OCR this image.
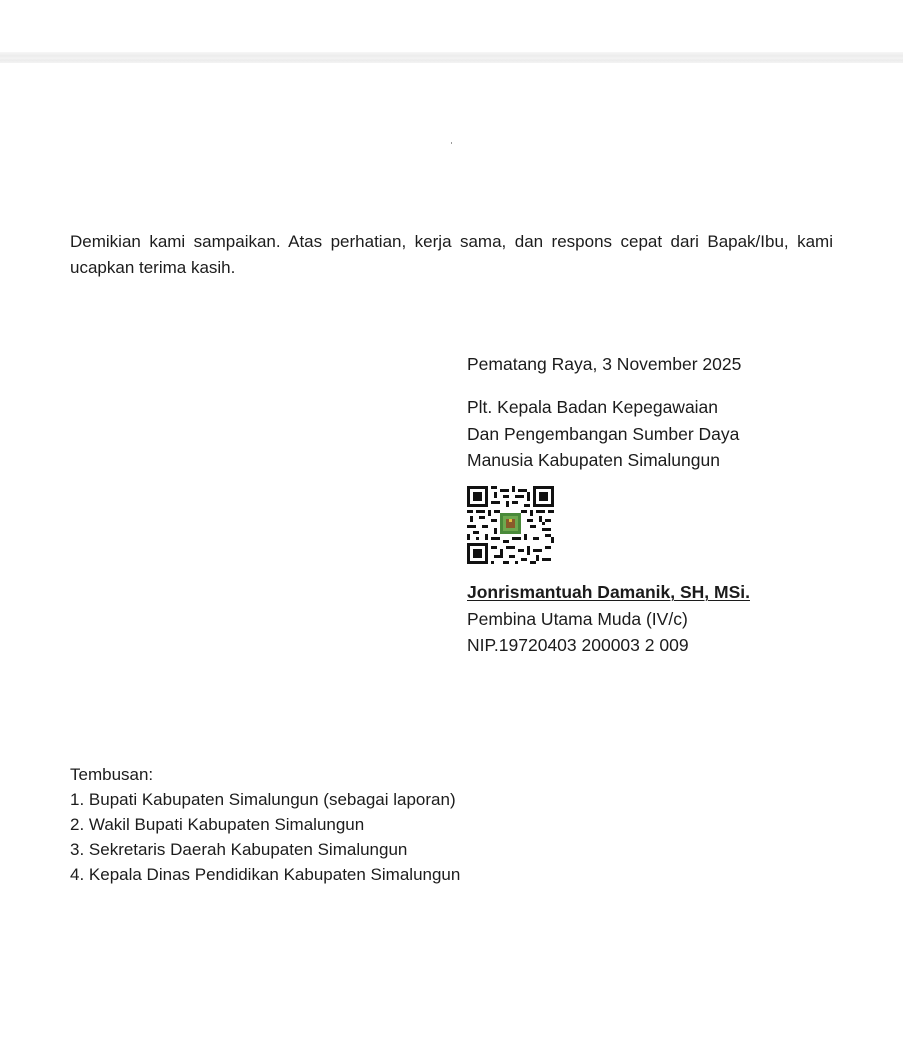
Demikian kami sampaikan. Atas perhatian, kerja sama, dan respons cepat dari Bapak/Ibu, kami ucapkan terima kasih.

Pematang Raya, 3 November 2025
Plt. Kepala Badan Kepegawaian
Dan Pengembangan Sumber Daya
Manusia Kabupaten Simalungun
Jonrismantuah Damanik, SH, MSi.
Pembina Utama Muda (IV/c)
NIP.19720403 200003 2 009
Tembusan:
1. Bupati Kabupaten Simalungun (sebagai laporan)
2. Wakil Bupati Kabupaten Simalungun
3. Sekretaris Daerah Kabupaten Simalungun
4. Kepala Dinas Pendidikan Kabupaten Simalungun
